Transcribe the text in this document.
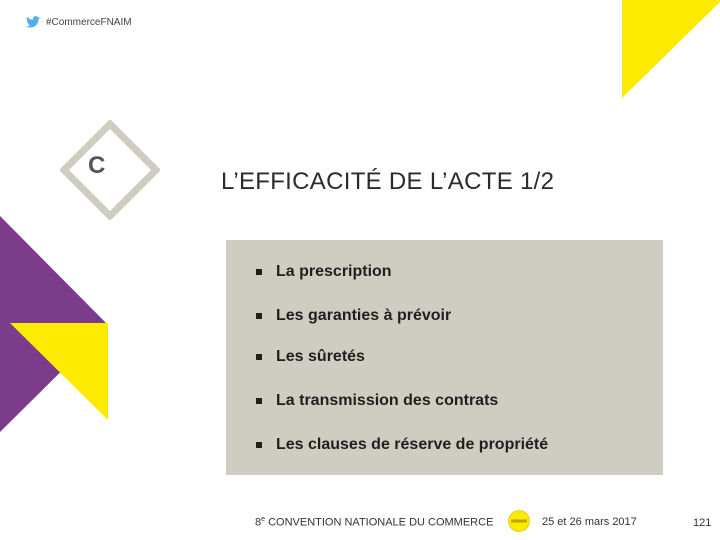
#CommerceFNAIM
C
L’EFFICACITÉ DE L’ACTE 1/2
La prescription
Les garanties à prévoir
Les sûretés
La transmission des contrats
Les clauses de réserve de propriété
8e CONVENTION NATIONALE DU COMMERCE	25 et 26 mars 2017	121
